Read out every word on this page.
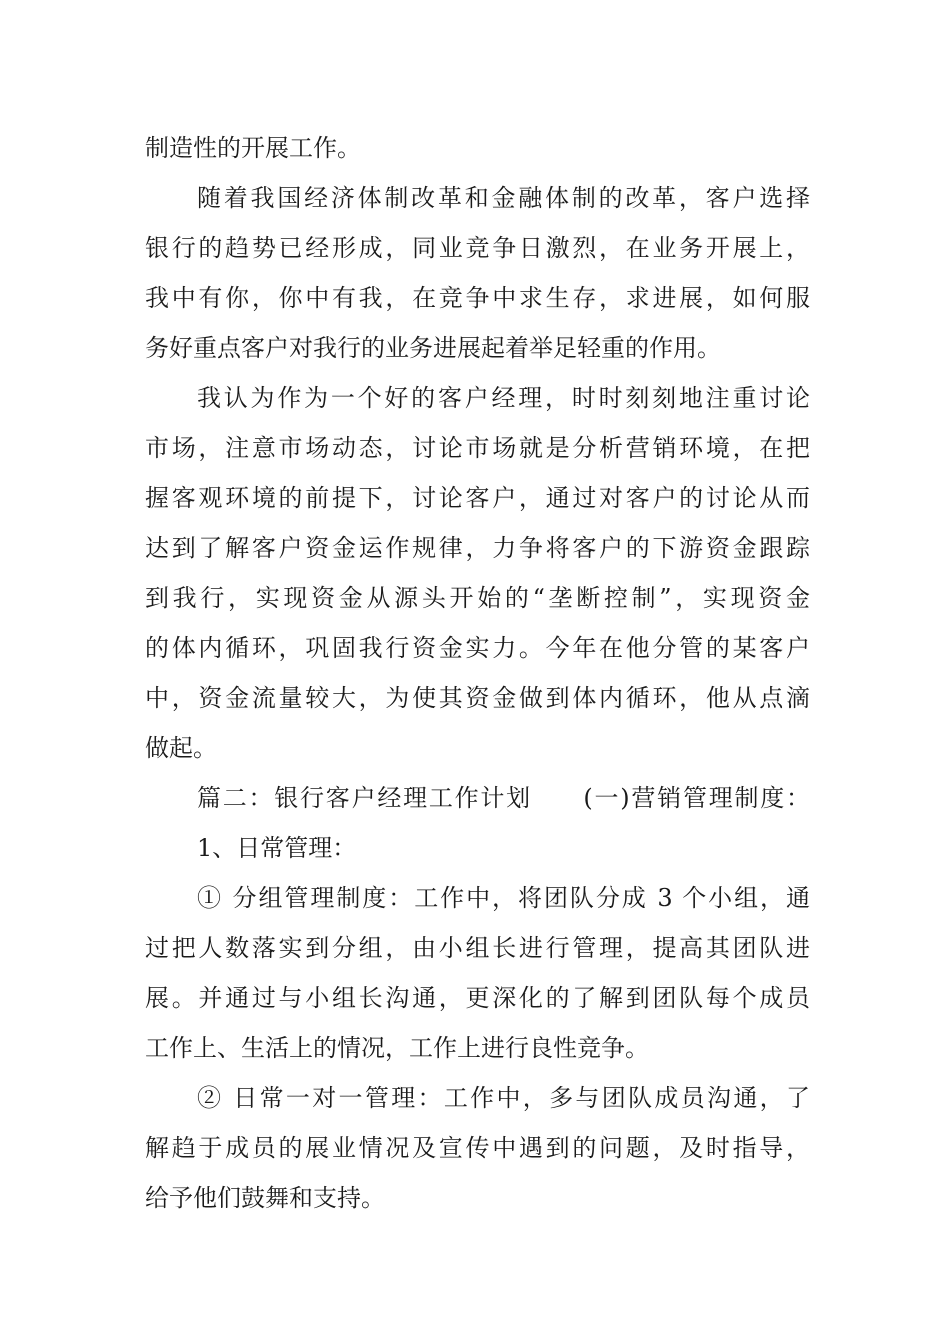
制造性的开展工作。
随着我国经济体制改革和金融体制的改革，客户选择
银行的趋势已经形成，同业竞争日激烈，在业务开展上，
我中有你，你中有我，在竞争中求生存，求进展，如何服
务好重点客户对我行的业务进展起着举足轻重的作用。
我认为作为一个好的客户经理，时时刻刻地注重讨论
市场，注意市场动态，讨论市场就是分析营销环境，在把
握客观环境的前提下，讨论客户，通过对客户的讨论从而
达到了解客户资金运作规律，力争将客户的下游资金跟踪
到我行，实现资金从源头开始的“垄断控制”，实现资金
的体内循环，巩固我行资金实力。今年在他分管的某客户
中，资金流量较大，为使其资金做到体内循环，他从点滴
做起。
篇二：银行客户经理工作计划　　(一)营销管理制度：
1、日常管理：
① 分组管理制度：工作中，将团队分成 3 个小组，通
过把人数落实到分组，由小组长进行管理，提高其团队进
展。并通过与小组长沟通，更深化的了解到团队每个成员
工作上、生活上的情况，工作上进行良性竞争。
② 日常一对一管理：工作中，多与团队成员沟通，了
解趋于成员的展业情况及宣传中遇到的问题，及时指导，
给予他们鼓舞和支持。
